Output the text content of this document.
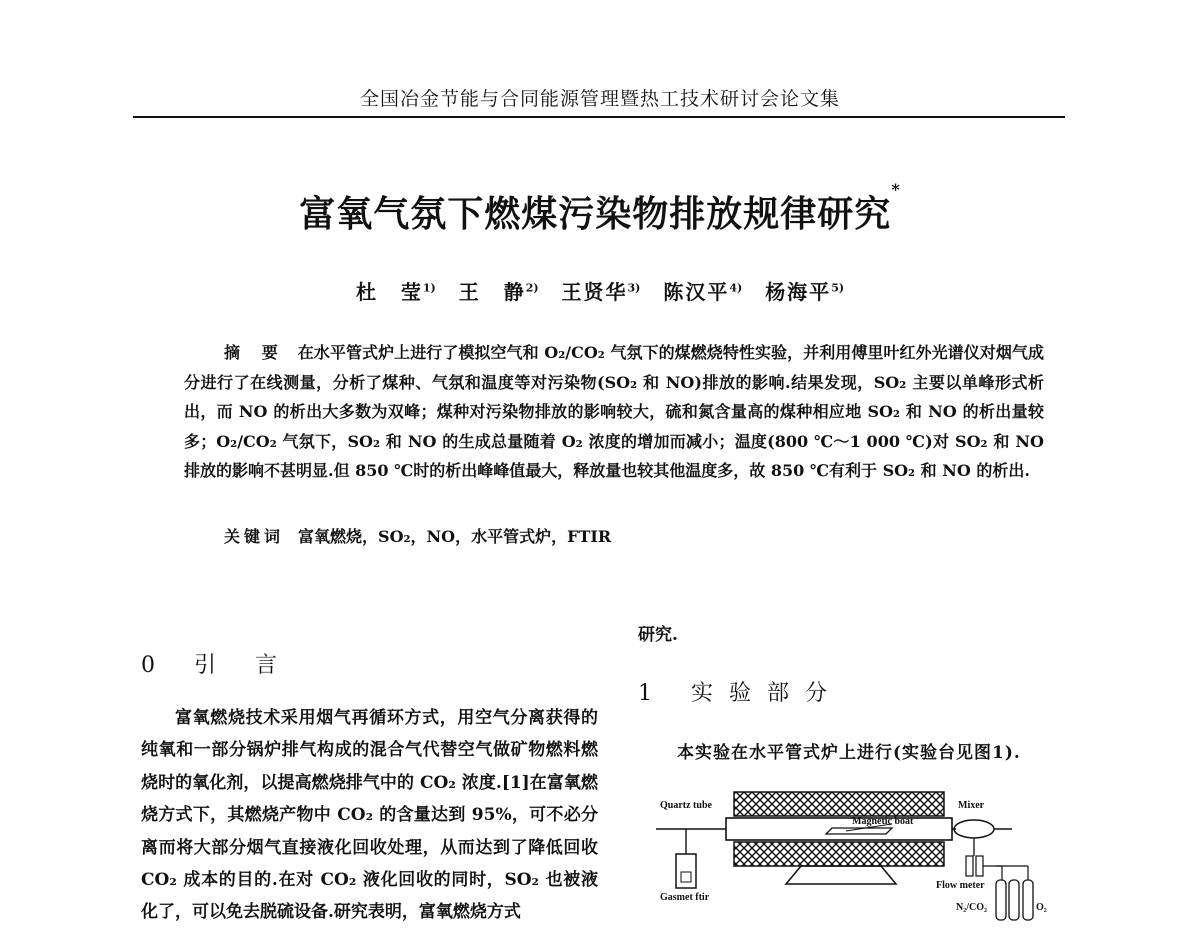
全国冶金节能与合同能源管理暨热工技术研讨会论文集
富氧气氛下燃煤污染物排放规律研究*
杜 莹$^{1)}$ 王 静$^{2)}$ 王贤华$^{3)}$ 陈汉平$^{4)}$ 杨海平$^{5)}$
摘 要 在水平管式炉上进行了模拟空气和 O₂/CO₂ 气氛下的煤燃烧特性实验，并利用傅里叶红外光谱仪对烟气成分进行了在线测量，分析了煤种、气氛和温度等对污染物(SO₂ 和 NO)排放的影响.结果发现，SO₂ 主要以单峰形式析出，而 NO 的析出大多数为双峰；煤种对污染物排放的影响较大，硫和氮含量高的煤种相应地 SO₂ 和 NO 的析出量较多；O₂/CO₂ 气氛下，SO₂ 和 NO 的生成总量随着 O₂ 浓度的增加而减小；温度(800 ℃～1 000 ℃)对 SO₂ 和 NO 排放的影响不甚明显.但 850 ℃时的析出峰峰值最大，释放量也较其他温度多，故 850 ℃有利于 SO₂ 和 NO 的析出.
关键词 富氧燃烧，SO₂，NO，水平管式炉，FTIR
0 引 言
富氧燃烧技术采用烟气再循环方式，用空气分离获得的纯氧和一部分锅炉排气构成的混合气代替空气做矿物燃料燃烧时的氧化剂，以提高燃烧排气中的 CO₂ 浓度.[1]在富氧燃烧方式下，其燃烧产物中 CO₂ 的含量达到 95%，可不必分离而将大部分烟气直接液化回收处理，从而达到了降低回收 CO₂ 成本的目的.在对 CO₂ 液化回收的同时，SO₂ 也被液化了，可以免去脱硫设备.研究表明，富氧燃烧方式
研究.
1 实验部分
本实验在水平管式炉上进行(实验台见图1).
Quartz tube	Mixer
Magnetic boat
Gasmet ftir
Flow meter
N₂/CO₂	O₂
